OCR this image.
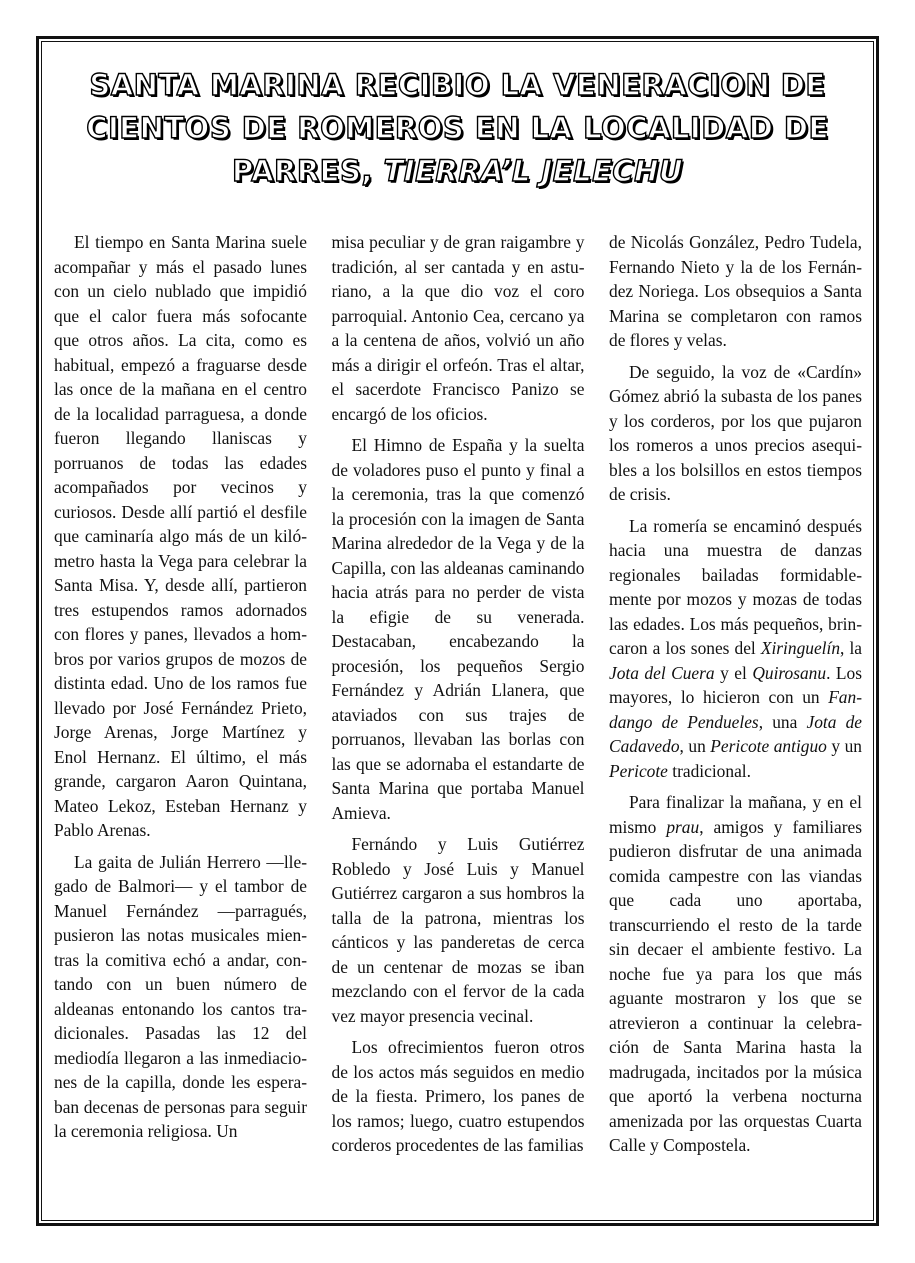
SANTA MARINA RECIBIO LA VENERACION DE CIENTOS DE ROMEROS EN LA LOCALIDAD DE PARRES, TIERRA’L JELECHU

El tiempo en Santa Marina suele acompañar y más el pasado lunes con un cielo nublado que impidió que el calor fuera más sofocante que otros años. La cita, como es habitual, empezó a fraguarse desde las once de la mañana en el centro de la localidad parraguesa, a donde fueron llegando llaniscas y porruanos de todas las edades acompañados por vecinos y curiosos. Desde allí partió el desfile que caminaría algo más de un kilómetro hasta la Vega para celebrar la Santa Misa. Y, desde allí, partieron tres estupendos ramos adornados con flores y panes, llevados a hombros por varios grupos de mozos de distinta edad. Uno de los ramos fue llevado por José Fernández Prieto, Jorge Arenas, Jorge Martínez y Enol Hernanz. El último, el más grande, cargaron Aaron Quintana, Mateo Lekoz, Esteban Hernanz y Pablo Arenas.

La gaita de Julián Herrero —llegado de Balmori— y el tambor de Manuel Fernández —parragués, pusieron las notas musicales mientras la comitiva echó a andar, contando con un buen número de aldeanas entonando los cantos tradicionales. Pasadas las 12 del mediodía llegaron a las inmediaciones de la capilla, donde les esperaban decenas de personas para seguir la ceremonia religiosa. Un

misa peculiar y de gran raigambre y tradición, al ser cantada y en asturiano, a la que dio voz el coro parroquial. Antonio Cea, cercano ya a la centena de años, volvió un año más a dirigir el orfeón. Tras el altar, el sacerdote Francisco Panizo se encargó de los oficios.

El Himno de España y la suelta de voladores puso el punto y final a la ceremonia, tras la que comenzó la procesión con la imagen de Santa Marina alrededor de la Vega y de la Capilla, con las aldeanas caminando hacia atrás para no perder de vista la efigie de su venerada. Destacaban, encabezando la procesión, los pequeños Sergio Fernández y Adrián Llanera, que ataviados con sus trajes de porruanos, llevaban las borlas con las que se adornaba el estandarte de Santa Marina que portaba Manuel Amieva.

Fernándo y Luis Gutiérrez Robledo y José Luis y Manuel Gutiérrez cargaron a sus hombros la talla de la patrona, mientras los cánticos y las panderetas de cerca de un centenar de mozas se iban mezclando con el fervor de la cada vez mayor presencia vecinal.

Los ofrecimientos fueron otros de los actos más seguidos en medio de la fiesta. Primero, los panes de los ramos; luego, cuatro estupendos corderos procedentes de las familias

de Nicolás González, Pedro Tudela, Fernando Nieto y la de los Fernández Noriega. Los obsequios a Santa Marina se completaron con ramos de flores y velas.

De seguido, la voz de «Cardín» Gómez abrió la subasta de los panes y los corderos, por los que pujaron los romeros a unos precios asequibles a los bolsillos en estos tiempos de crisis.

La romería se encaminó después hacia una muestra de danzas regionales bailadas formidablemente por mozos y mozas de todas las edades. Los más pequeños, brincaron a los sones del Xiringuelín, la Jota del Cuera y el Quirosanu. Los mayores, lo hicieron con un Fandango de Pendueles, una Jota de Cadavedo, un Pericote antiguo y un Pericote tradicional.

Para finalizar la mañana, y en el mismo prau, amigos y familiares pudieron disfrutar de una animada comida campestre con las viandas que cada uno aportaba, transcurriendo el resto de la tarde sin decaer el ambiente festivo. La noche fue ya para los que más aguante mostraron y los que se atrevieron a continuar la celebración de Santa Marina hasta la madrugada, incitados por la música que aportó la verbena nocturna amenizada por las orquestas Cuarta Calle y Compostela.
